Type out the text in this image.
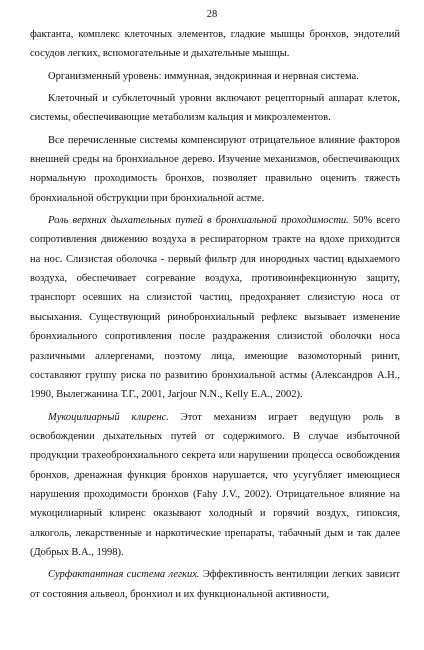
28

фактанта, комплекс клеточных элементов, гладкие мышцы бронхов, эндотелий сосудов легких, вспомогательные и дыхательные мышцы.

Организменный уровень: иммунная, эндокринная и нервная система.

Клеточный и субклеточный уровни включают рецепторный аппарат клеток, системы, обеспечивающие метаболизм кальция и микроэлементов.

Все перечисленные системы компенсируют отрицательное влияние факторов внешней среды на бронхиальное дерево. Изучение механизмов, обеспечивающих нормальную проходимость бронхов, позволяет правильно оценить тяжесть бронхиальной обструкции при бронхиальной астме.

Роль верхних дыхательных путей в бронхиальной проходимости. 50% всего сопротивления движению воздуха в респираторном тракте на вдохе приходится на нос. Слизистая оболочка - первый фильтр для инородных частиц вдыхаемого воздуха, обеспечивает согревание воздуха, противоинфекционную защиту, транспорт осевших на слизистой частиц, предохраняет слизистую носа от высыхания. Существующий ринобронхиальный рефлекс вызывает изменение бронхиального сопротивления после раздражения слизистой оболочки носа различными аллергенами, поэтому лица, имеющие вазомоторный ринит, составляют группу риска по развитию бронхиальной астмы (Александров А.Н., 1990, Вылегжанина Т.Г., 2001, Jarjour N.N., Kelly E.A., 2002).

Мукоцилиарный клиренс. Этот механизм играет ведущую роль в освобождении дыхательных путей от содержимого. В случае избыточной продукции трахеобронхиального секрета или нарушении процесса освобождения бронхов, дренажная функция бронхов нарушается, что усугубляет имеющиеся нарушения проходимости бронхов (Fahy J.V., 2002). Отрицательное влияние на мукоцилиарный клиренс оказывают холодный и горячий воздух, гипоксия, алкоголь, лекарственные и наркотические препараты, табачный дым и так далее (Добрых В.А., 1998).

Сурфактантная система легких. Эффективность вентиляции легких зависит от состояния альвеол, бронхиол и их функциональной активности,
